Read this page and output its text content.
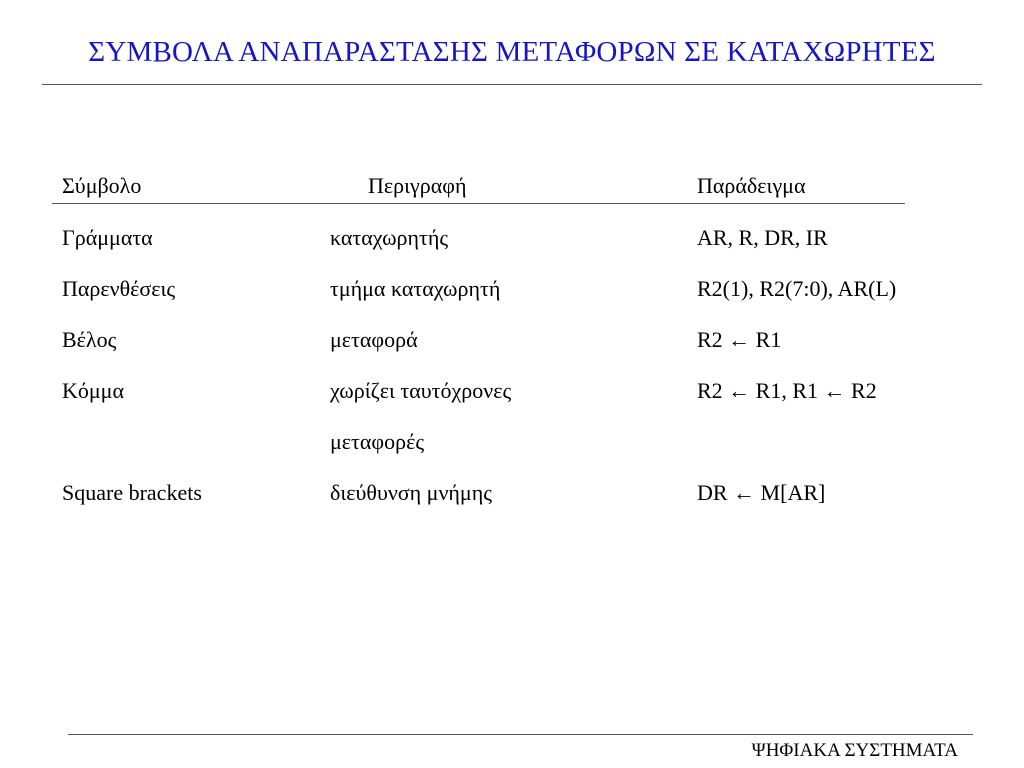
ΣΥΜΒΟΛΑ ΑΝΑΠΑΡΑΣΤΑΣΗΣ ΜΕΤΑΦΟΡΩΝ ΣΕ ΚΑΤΑΧΩΡΗΤΕΣ
Σύμβολο	Περιγραφή	Παράδειγμα
Γράμματα	καταχωρητής	AR, R, DR, IR
Παρενθέσεις	τμήμα καταχωρητή	R2(1), R2(7:0), AR(L)
Βέλος	μεταφορά	R2 ← R1
Κόμμα	χωρίζει ταυτόχρονες	R2 ← R1, R1 ← R2
μεταφορές
Square brackets	διεύθυνση μνήμης	DR ← M[AR]
ΨΗΦΙΑΚΑ ΣΥΣΤΗΜΑΤΑ
